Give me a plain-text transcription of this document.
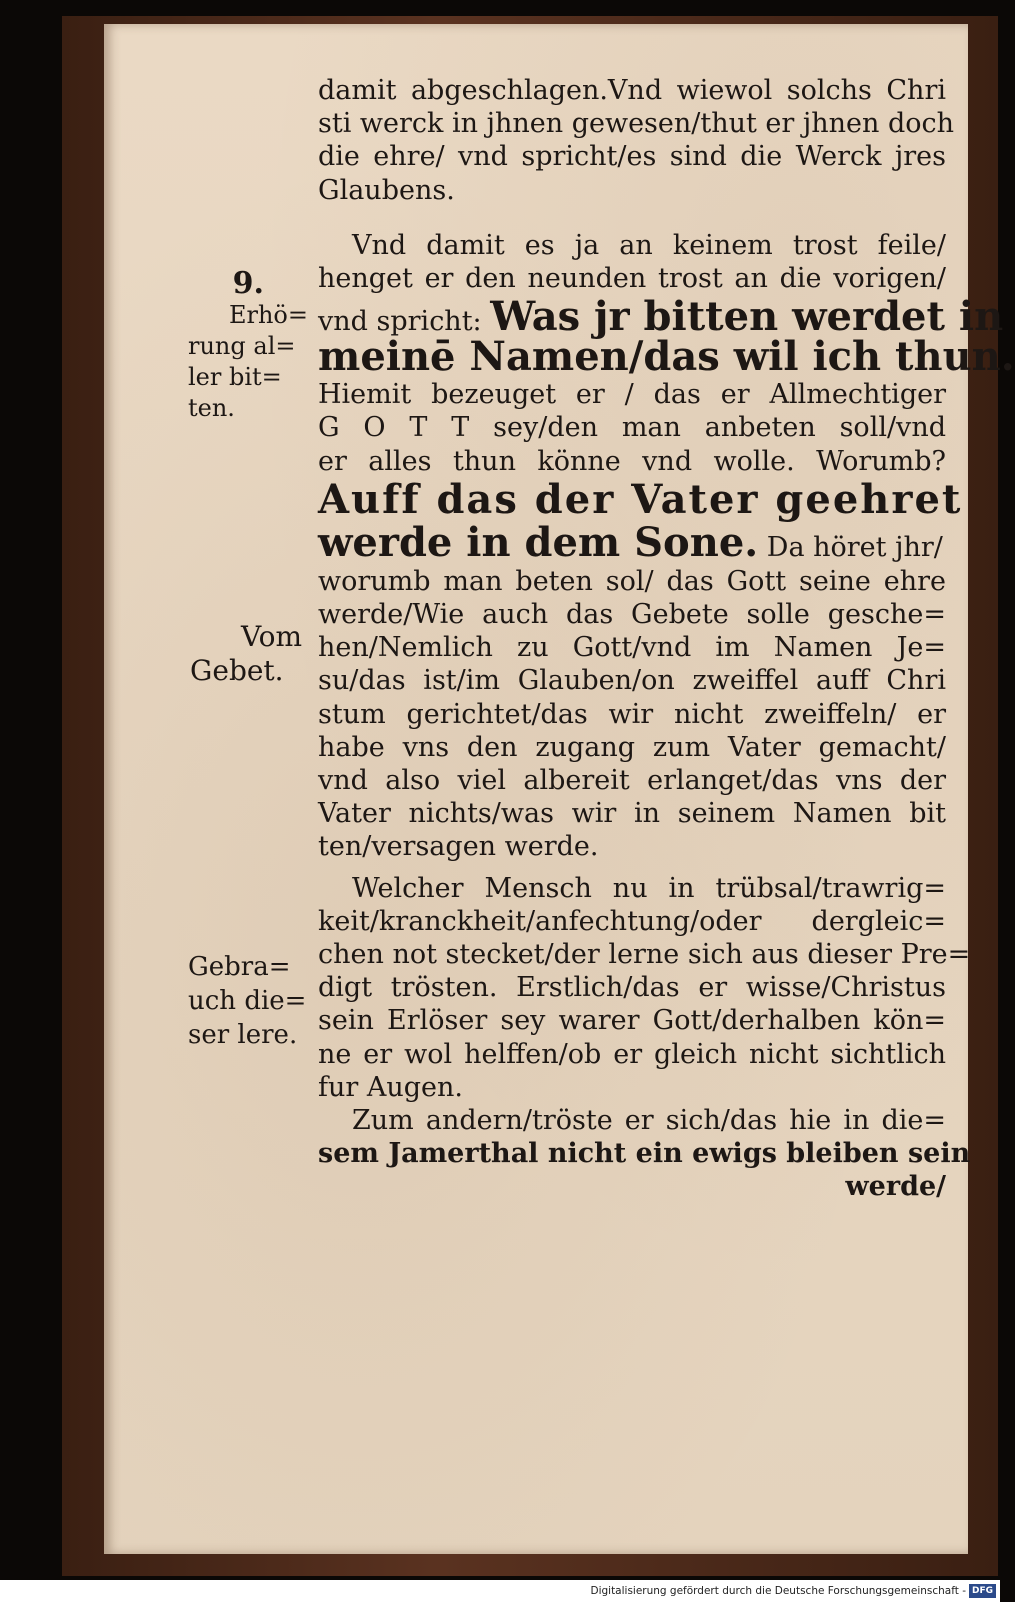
damit abgeschlagen.Vnd wiewol solchs Chri
sti werck in jhnen gewesen/thut er jhnen doch
die ehre/ vnd spricht/es sind die Werck jres
Glaubens.
Vnd damit es ja an keinem trost feile/
henget er den neunden trost an die vorigen/
vnd spricht: Was jr bitten werdet in
meinē Namen/das wil ich thun.
Hiemit bezeuget er / das er Allmechtiger
G O T T sey/den man anbeten soll/vnd
er alles thun könne vnd wolle. Worumb?
Auff das der Vater geehret
werde in dem Sone. Da höret jhr/
worumb man beten sol/ das Gott seine ehre
werde/Wie auch das Gebete solle gesche=
hen/Nemlich zu Gott/vnd im Namen Je=
su/das ist/im Glauben/on zweiffel auff Chri
stum gerichtet/das wir nicht zweiffeln/ er
habe vns den zugang zum Vater gemacht/
vnd also viel albereit erlanget/das vns der
Vater nichts/was wir in seinem Namen bit
ten/versagen werde.
Welcher Mensch nu in trübsal/trawrig=
keit/kranckheit/anfechtung/oder dergleic=
chen not stecket/der lerne sich aus dieser Pre=
digt trösten. Erstlich/das er wisse/Christus
sein Erlöser sey warer Gott/derhalben kön=
ne er wol helffen/ob er gleich nicht sichtlich
fur Augen.
Zum andern/tröste er sich/das hie in die=
sem Jamerthal nicht ein ewigs bleiben sein
werde/
9.
Erhö=
rung al=
ler bit=
ten.
Vom
Gebet.
Gebra=
uch die=
ser lere.
Digitalisierung gefördert durch die Deutsche Forschungsgemeinschaft - DFG
